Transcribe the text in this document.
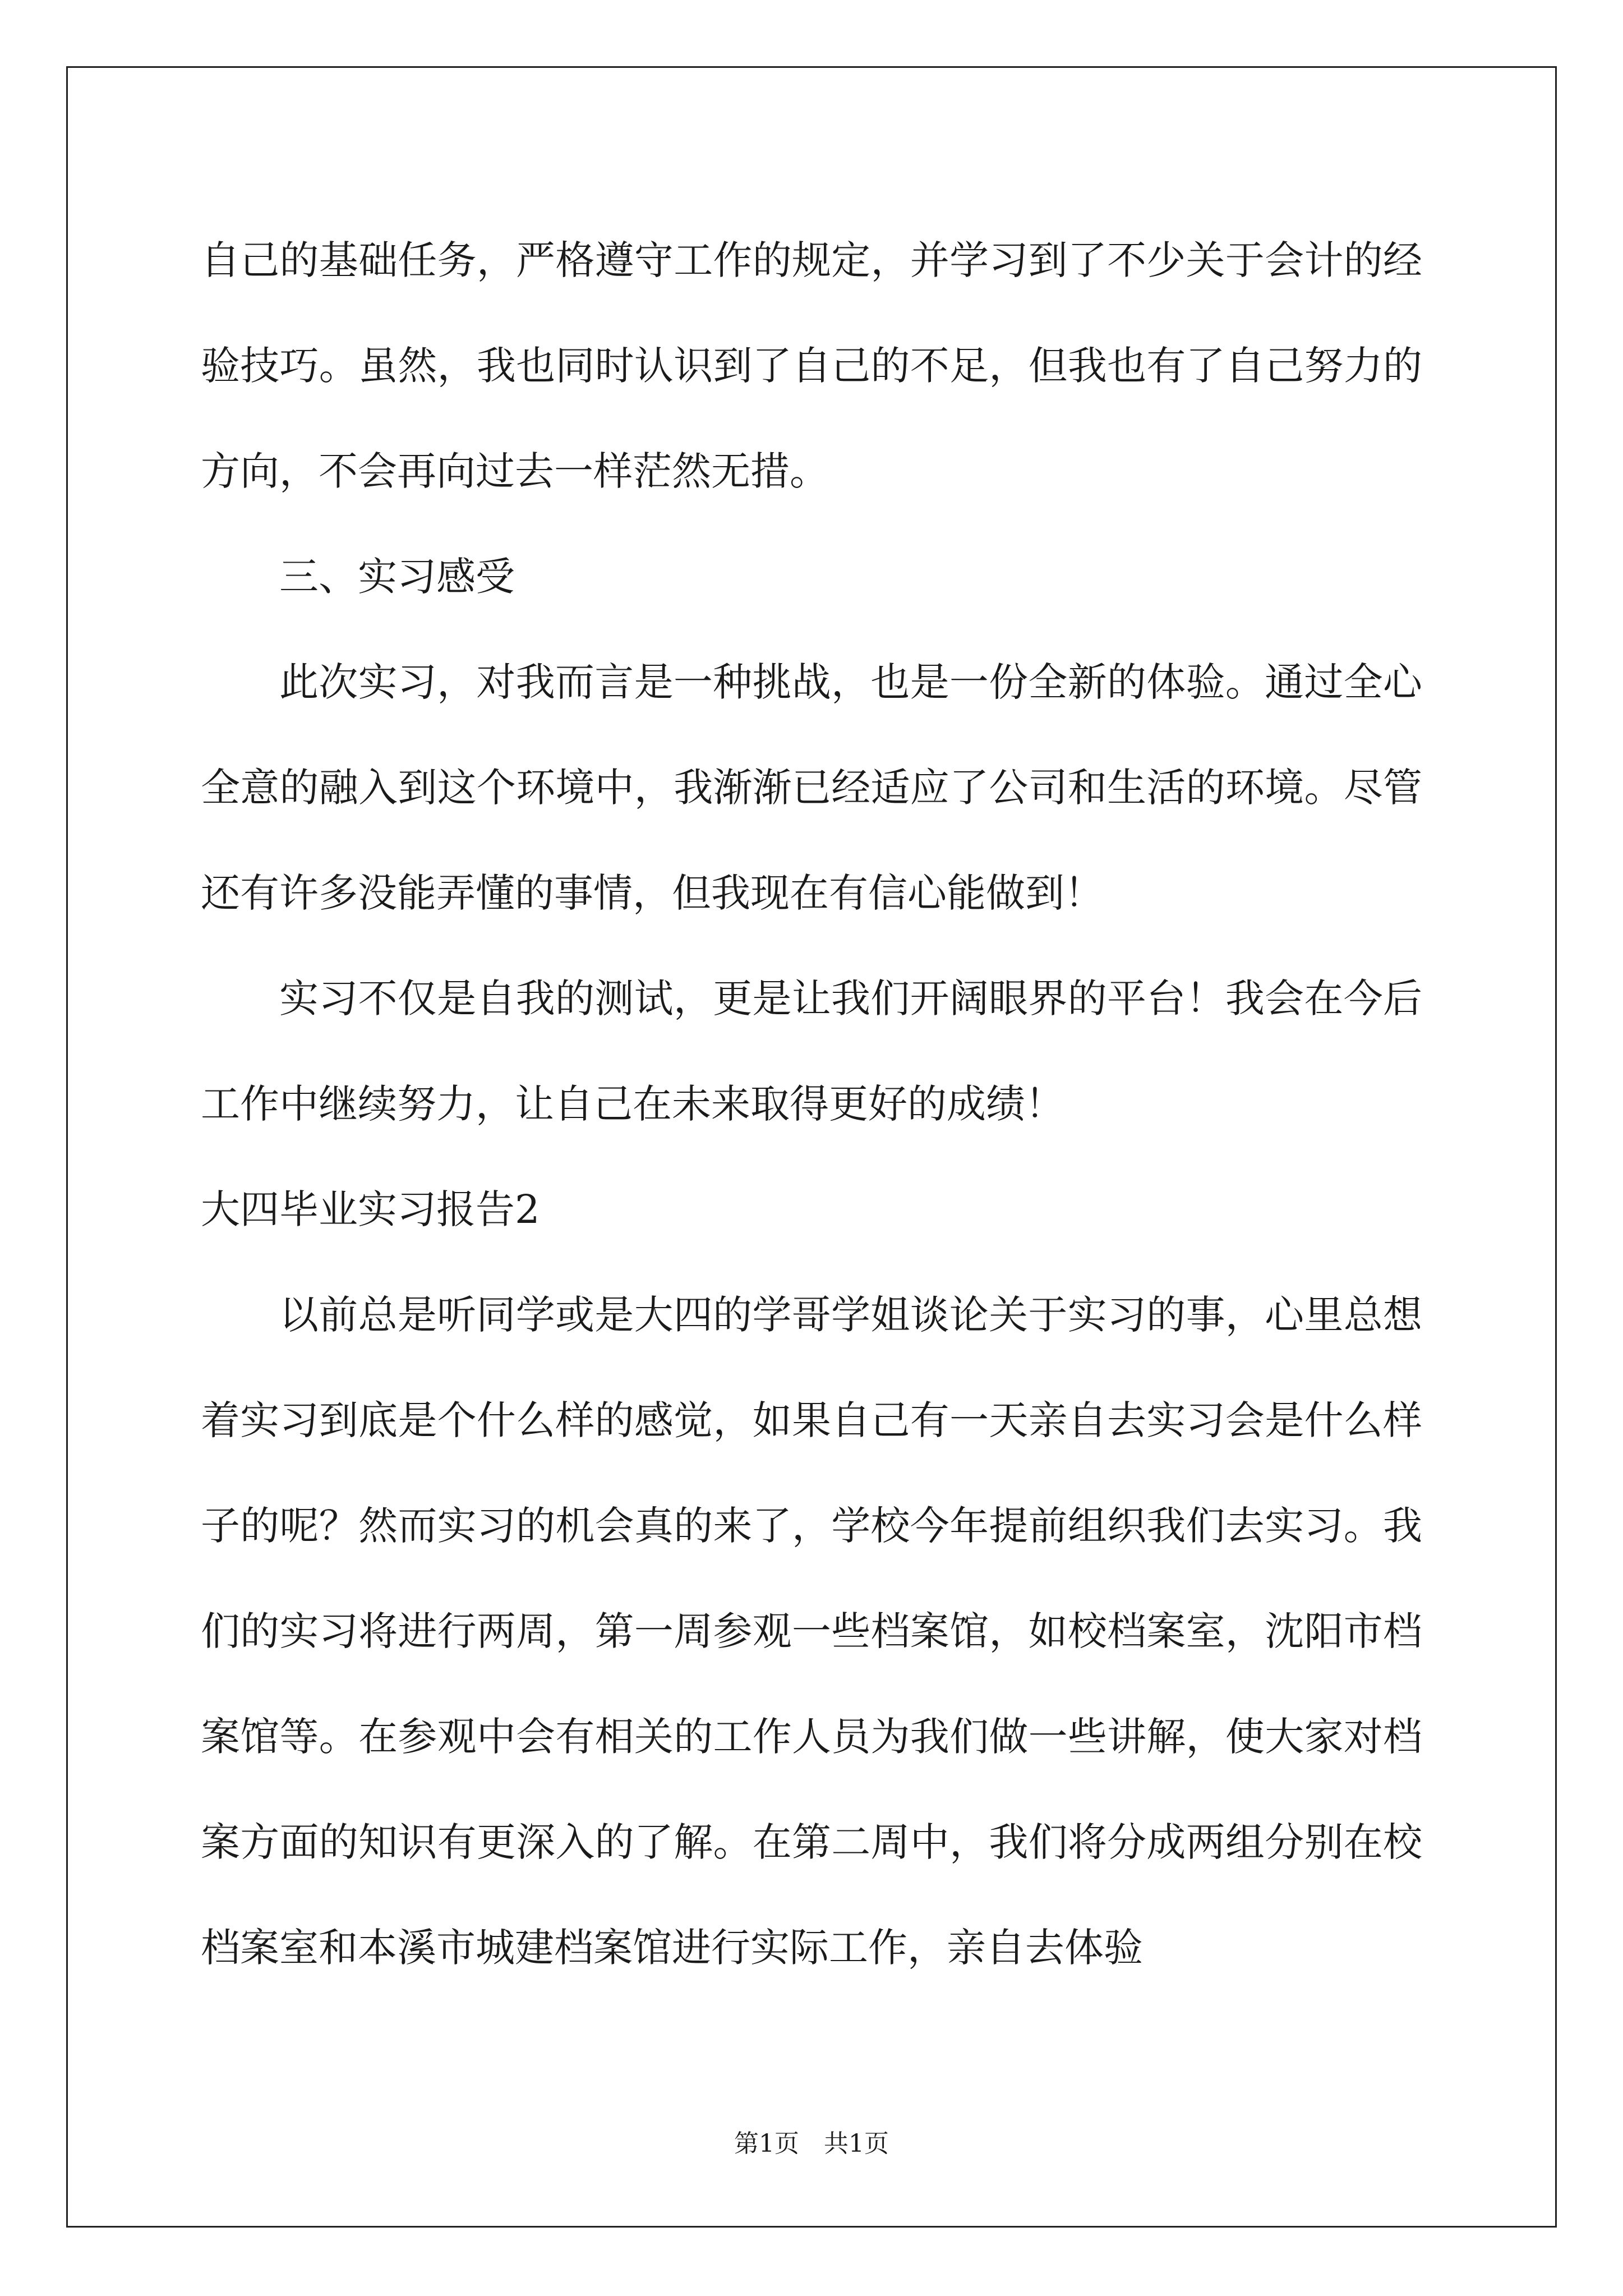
自己的基础任务，严格遵守工作的规定，并学习到了不少关于会计的经验技巧。虽然，我也同时认识到了自己的不足，但我也有了自己努力的方向，不会再向过去一样茫然无措。

三、实习感受

此次实习，对我而言是一种挑战，也是一份全新的体验。通过全心全意的融入到这个环境中，我渐渐已经适应了公司和生活的环境。尽管还有许多没能弄懂的事情，但我现在有信心能做到！

实习不仅是自我的测试，更是让我们开阔眼界的平台！我会在今后工作中继续努力，让自己在未来取得更好的成绩！

大四毕业实习报告2

以前总是听同学或是大四的学哥学姐谈论关于实习的事，心里总想着实习到底是个什么样的感觉，如果自己有一天亲自去实习会是什么样子的呢？然而实习的机会真的来了，学校今年提前组织我们去实习。我们的实习将进行两周，第一周参观一些档案馆，如校档案室，沈阳市档案馆等。在参观中会有相关的工作人员为我们做一些讲解，使大家对档案方面的知识有更深入的了解。在第二周中，我们将分成两组分别在校档案室和本溪市城建档案馆进行实际工作，亲自去体验

第1页　共1页
